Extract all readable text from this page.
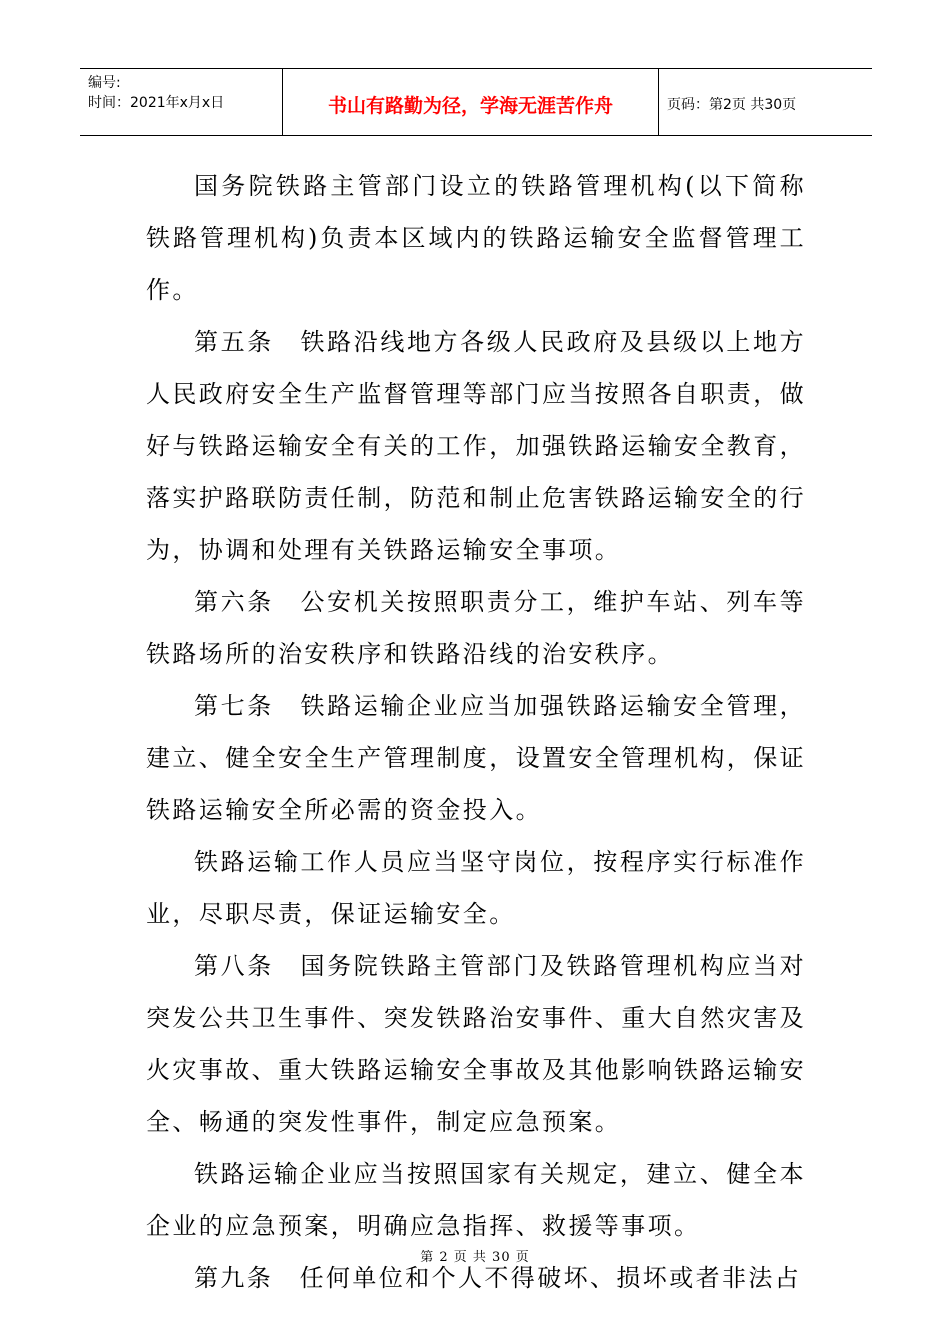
编号:
时间：2021年x月x日	书山有路勤为径，学海无涯苦作舟	页码：第2页 共30页

国务院铁路主管部门设立的铁路管理机构(以下简称铁路管理机构)负责本区域内的铁路运输安全监督管理工作。

第五条　铁路沿线地方各级人民政府及县级以上地方人民政府安全生产监督管理等部门应当按照各自职责，做好与铁路运输安全有关的工作，加强铁路运输安全教育，落实护路联防责任制，防范和制止危害铁路运输安全的行为，协调和处理有关铁路运输安全事项。

第六条　公安机关按照职责分工，维护车站、列车等铁路场所的治安秩序和铁路沿线的治安秩序。

第七条　铁路运输企业应当加强铁路运输安全管理，建立、健全安全生产管理制度，设置安全管理机构，保证铁路运输安全所必需的资金投入。

铁路运输工作人员应当坚守岗位，按程序实行标准作业，尽职尽责，保证运输安全。

第八条　国务院铁路主管部门及铁路管理机构应当对突发公共卫生事件、突发铁路治安事件、重大自然灾害及火灾事故、重大铁路运输安全事故及其他影响铁路运输安全、畅通的突发性事件，制定应急预案。

铁路运输企业应当按照国家有关规定，建立、健全本企业的应急预案，明确应急指挥、救援等事项。

第九条　任何单位和个人不得破坏、损坏或者非法占

第 2 页 共 30 页
